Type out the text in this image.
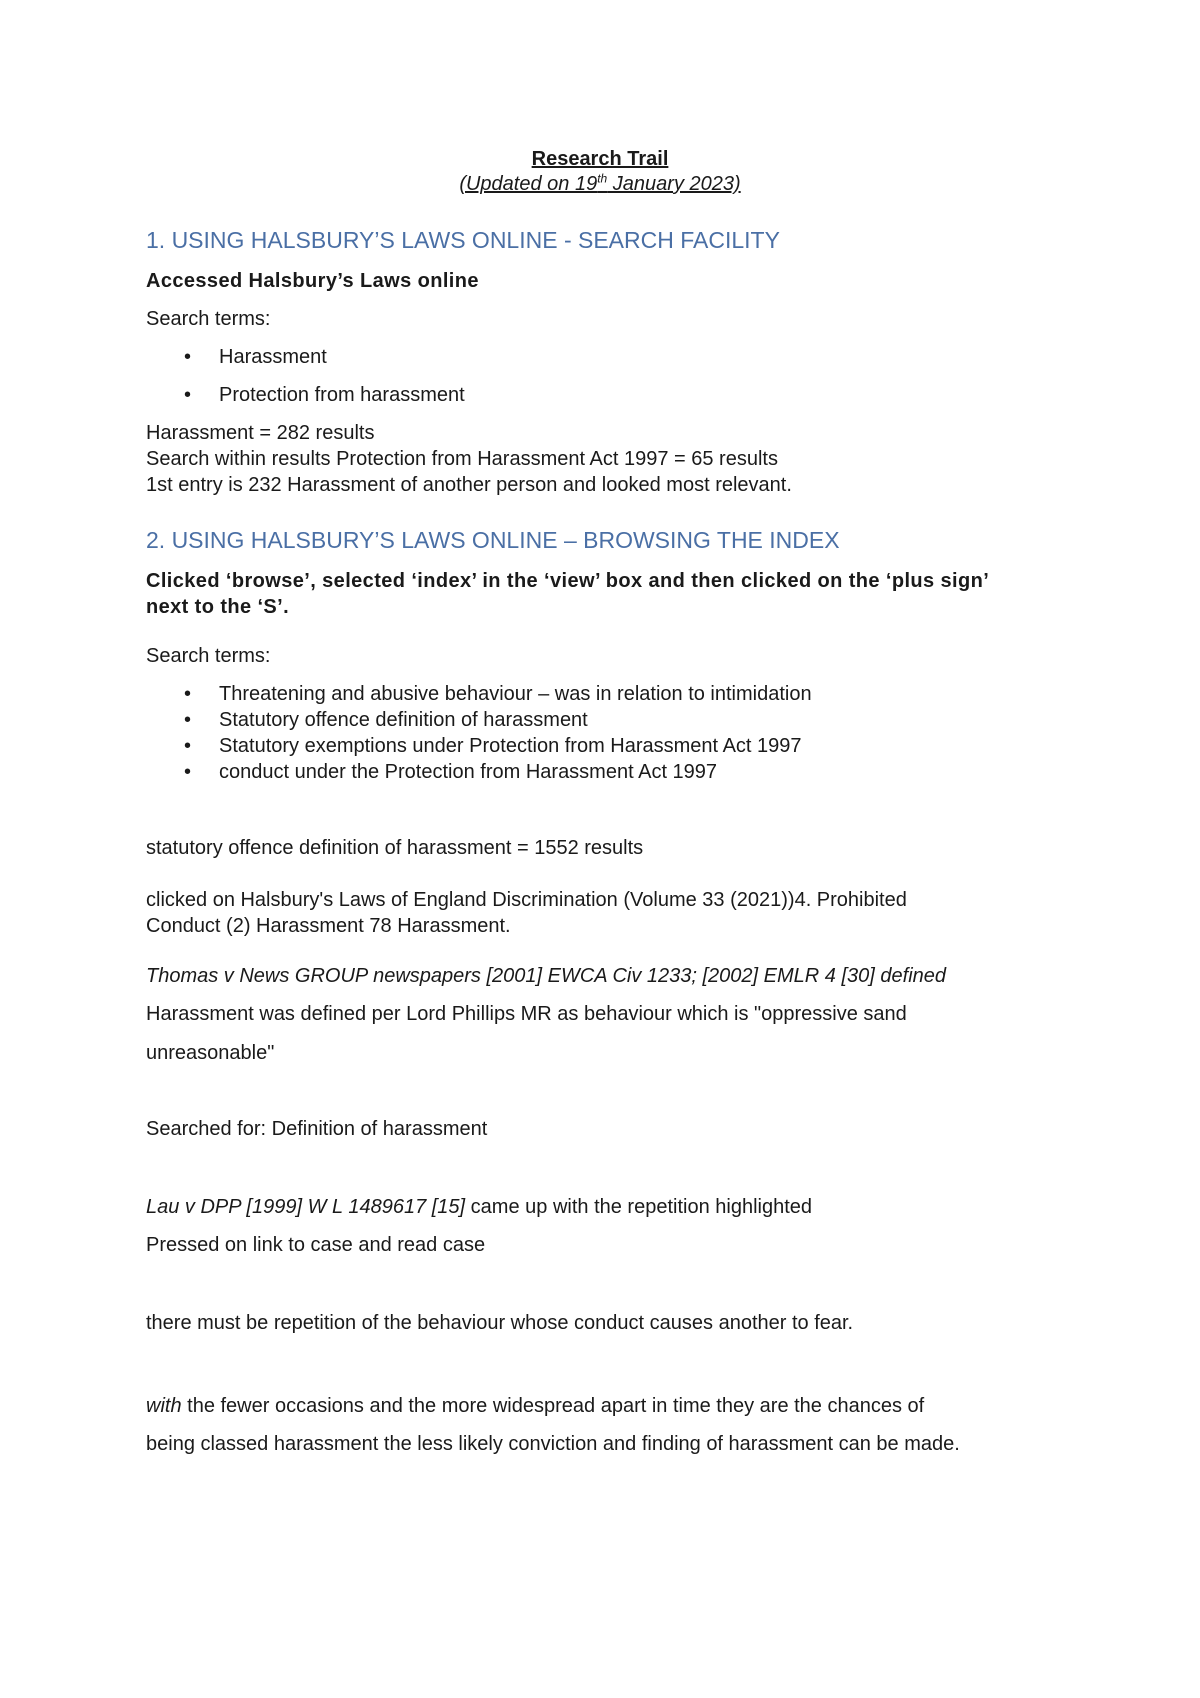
Research Trail
(Updated on 19th January 2023)
1. USING HALSBURY’S LAWS ONLINE - SEARCH FACILITY
Accessed Halsbury’s Laws online
Search terms:
• Harassment
• Protection from harassment
Harassment = 282 results
Search within results Protection from Harassment Act 1997 = 65 results
1st entry is 232 Harassment of another person and looked most relevant.
2. USING HALSBURY’S LAWS ONLINE – BROWSING THE INDEX
Clicked ‘browse’, selected ‘index’ in the ‘view’ box and then clicked on the ‘plus sign’
next to the ‘S’.
Search terms:
• Threatening and abusive behaviour – was in relation to intimidation
• Statutory offence definition of harassment
• Statutory exemptions under Protection from Harassment Act 1997
• conduct under the Protection from Harassment Act 1997
statutory offence definition of harassment = 1552 results
clicked on Halsbury's Laws of England Discrimination (Volume 33 (2021))4. Prohibited
Conduct (2) Harassment 78 Harassment.
Thomas v News GROUP newspapers [2001] EWCA Civ 1233; [2002] EMLR 4 [30] defined
Harassment was defined per Lord Phillips MR as behaviour which is "oppressive sand
unreasonable"
Searched for: Definition of harassment
Lau v DPP [1999] W L 1489617 [15] came up with the repetition highlighted
Pressed on link to case and read case
there must be repetition of the behaviour whose conduct causes another to fear.
with the fewer occasions and the more widespread apart in time they are the chances of
being classed harassment the less likely conviction and finding of harassment can be made.
